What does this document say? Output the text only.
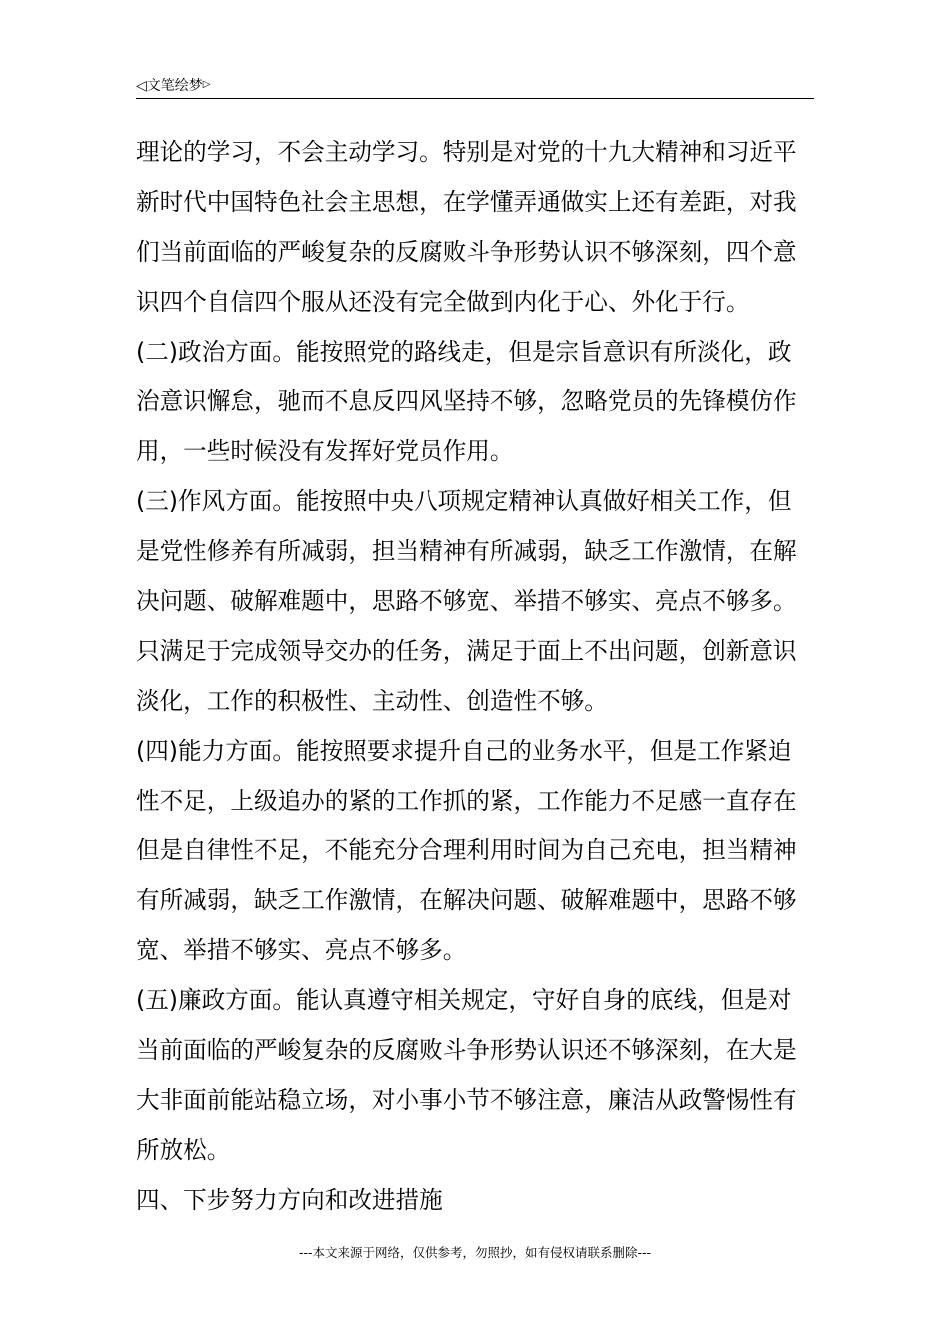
◁文笔绘梦▷
理论的学习，不会主动学习。特别是对党的十九大精神和习近平
新时代中国特色社会主思想，在学懂弄通做实上还有差距，对我
们当前面临的严峻复杂的反腐败斗争形势认识不够深刻，四个意
识四个自信四个服从还没有完全做到内化于心、外化于行。
(二)政治方面。能按照党的路线走，但是宗旨意识有所淡化，政
治意识懈怠，驰而不息反四风坚持不够，忽略党员的先锋模仿作
用，一些时候没有发挥好党员作用。
(三)作风方面。能按照中央八项规定精神认真做好相关工作，但
是党性修养有所减弱，担当精神有所减弱，缺乏工作激情，在解
决问题、破解难题中，思路不够宽、举措不够实、亮点不够多。
只满足于完成领导交办的任务，满足于面上不出问题，创新意识
淡化，工作的积极性、主动性、创造性不够。
(四)能力方面。能按照要求提升自己的业务水平，但是工作紧迫
性不足，上级追办的紧的工作抓的紧，工作能力不足感一直存在
但是自律性不足，不能充分合理利用时间为自己充电，担当精神
有所减弱，缺乏工作激情，在解决问题、破解难题中，思路不够
宽、举措不够实、亮点不够多。
(五)廉政方面。能认真遵守相关规定，守好自身的底线，但是对
当前面临的严峻复杂的反腐败斗争形势认识还不够深刻，在大是
大非面前能站稳立场，对小事小节不够注意，廉洁从政警惕性有
所放松。
四、下步努力方向和改进措施
---本文来源于网络，仅供参考，勿照抄，如有侵权请联系删除---
